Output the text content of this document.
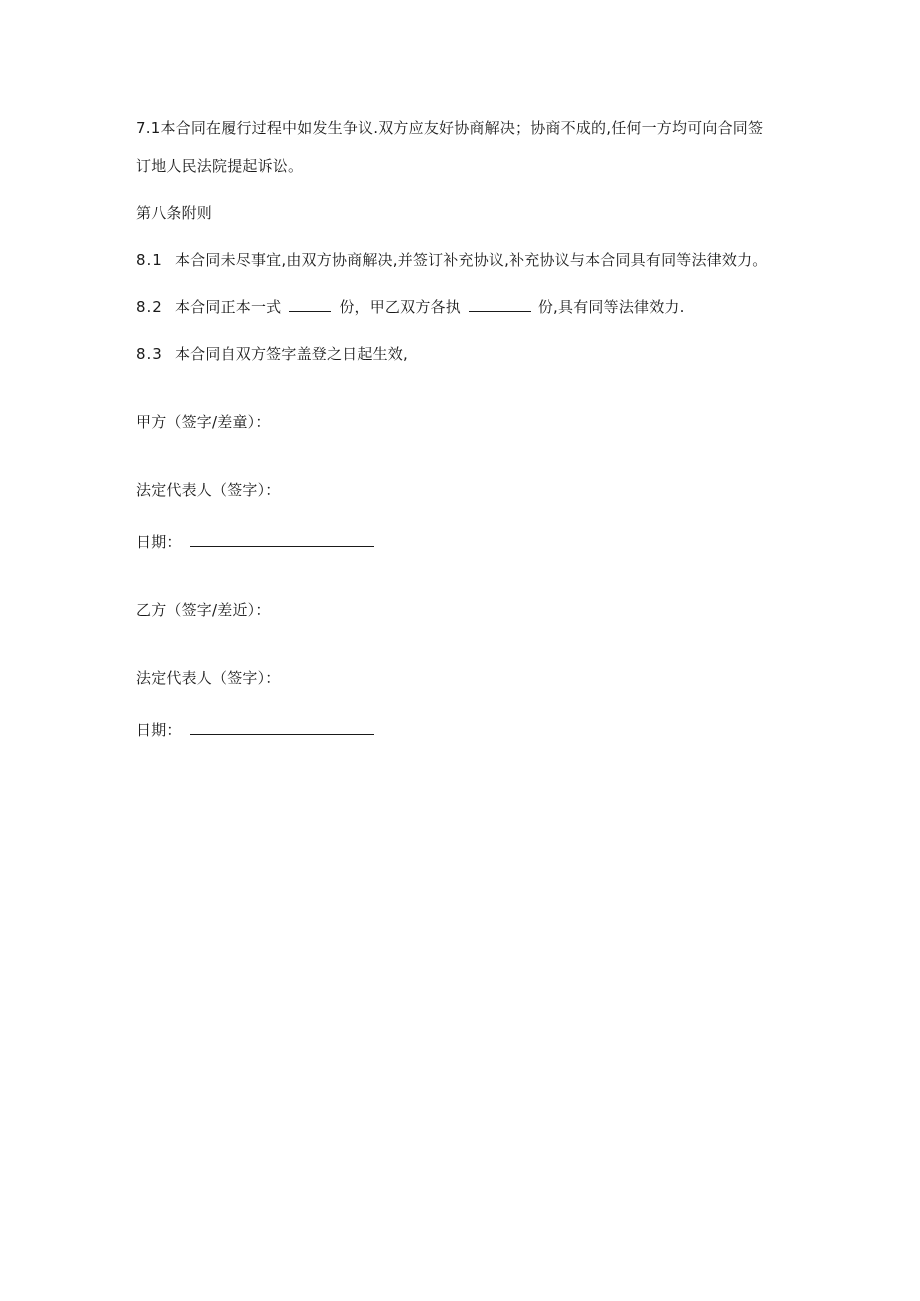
7.1本合同在履行过程中如发生争议.双方应友好协商解决；协商不成的,任何一方均可向合同签
订地人民法院提起诉讼。
第八条附则
8.1 本合同未尽事宜,由双方协商解决,并签订补充协议,补充协议与本合同具有同等法律效力。
8.2 本合同正本一式	份，甲乙双方各执	份,具有同等法律效力.
8.3 本合同自双方签字盖登之日起生效,
甲方（签字/差童）：
法定代表人（签字）：
日期：
乙方（签字/差近）：
法定代表人（签字）：
日期：
